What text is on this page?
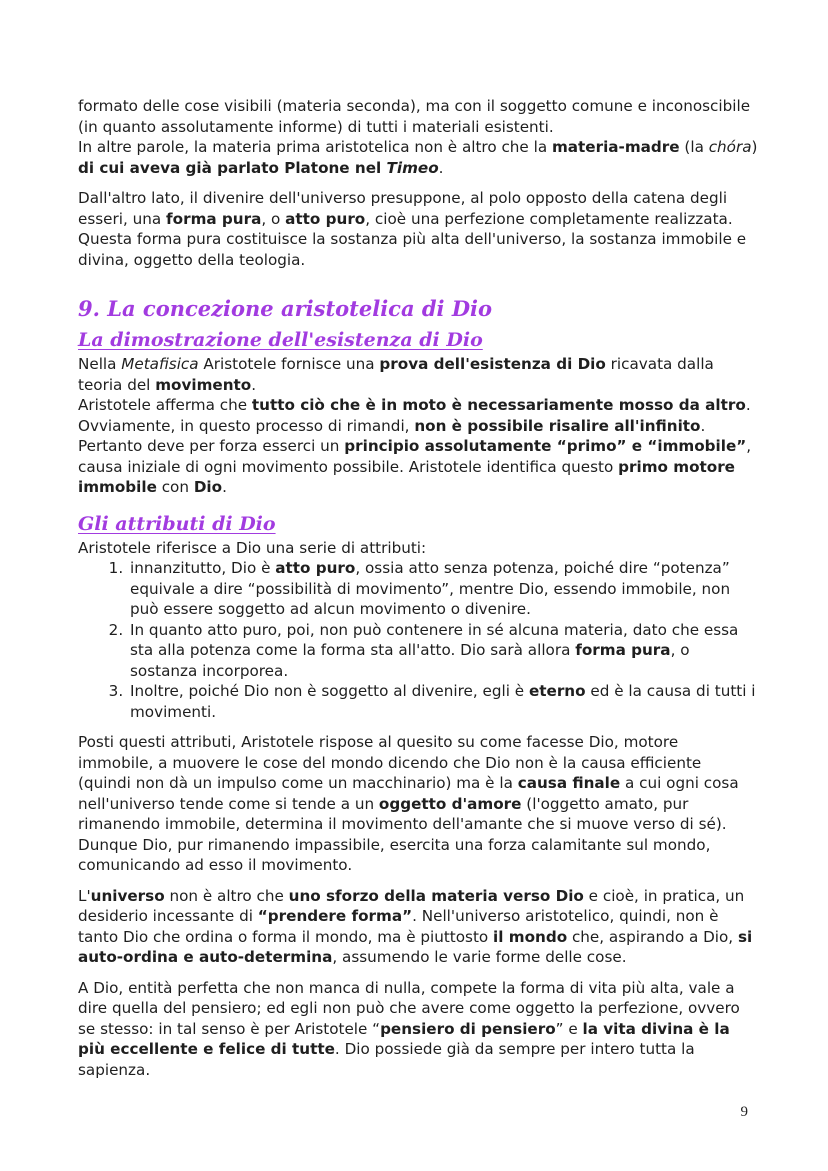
formato delle cose visibili (materia seconda), ma con il soggetto comune e inconoscibile (in quanto assolutamente informe) di tutti i materiali esistenti.
In altre parole, la materia prima aristotelica non è altro che la materia-madre (la chóra) di cui aveva già parlato Platone nel Timeo.

Dall'altro lato, il divenire dell'universo presuppone, al polo opposto della catena degli esseri, una forma pura, o atto puro, cioè una perfezione completamente realizzata. Questa forma pura costituisce la sostanza più alta dell'universo, la sostanza immobile e divina, oggetto della teologia.

9. La concezione aristotelica di Dio
La dimostrazione dell'esistenza di Dio

Nella Metafisica Aristotele fornisce una prova dell'esistenza di Dio ricavata dalla teoria del movimento.
Aristotele afferma che tutto ciò che è in moto è necessariamente mosso da altro.
Ovviamente, in questo processo di rimandi, non è possibile risalire all'infinito.
Pertanto deve per forza esserci un principio assolutamente “primo” e “immobile”, causa iniziale di ogni movimento possibile. Aristotele identifica questo primo motore immobile con Dio.

Gli attributi di Dio

Aristotele riferisce a Dio una serie di attributi:

1. innanzitutto, Dio è atto puro, ossia atto senza potenza, poiché dire “potenza” equivale a dire “possibilità di movimento”, mentre Dio, essendo immobile, non può essere soggetto ad alcun movimento o divenire.
2. In quanto atto puro, poi, non può contenere in sé alcuna materia, dato che essa sta alla potenza come la forma sta all'atto. Dio sarà allora forma pura, o sostanza incorporea.
3. Inoltre, poiché Dio non è soggetto al divenire, egli è eterno ed è la causa di tutti i movimenti.

Posti questi attributi, Aristotele rispose al quesito su come facesse Dio, motore immobile, a muovere le cose del mondo dicendo che Dio non è la causa efficiente (quindi non dà un impulso come un macchinario) ma è la causa finale a cui ogni cosa nell'universo tende come si tende a un oggetto d'amore (l'oggetto amato, pur rimanendo immobile, determina il movimento dell'amante che si muove verso di sé). Dunque Dio, pur rimanendo impassibile, esercita una forza calamitante sul mondo, comunicando ad esso il movimento.

L'universo non è altro che uno sforzo della materia verso Dio e cioè, in pratica, un desiderio incessante di “prendere forma”. Nell'universo aristotelico, quindi, non è tanto Dio che ordina o forma il mondo, ma è piuttosto il mondo che, aspirando a Dio, si auto-ordina e auto-determina, assumendo le varie forme delle cose.

A Dio, entità perfetta che non manca di nulla, compete la forma di vita più alta, vale a dire quella del pensiero; ed egli non può che avere come oggetto la perfezione, ovvero se stesso: in tal senso è per Aristotele “pensiero di pensiero” e la vita divina è la più eccellente e felice di tutte. Dio possiede già da sempre per intero tutta la sapienza.

9
